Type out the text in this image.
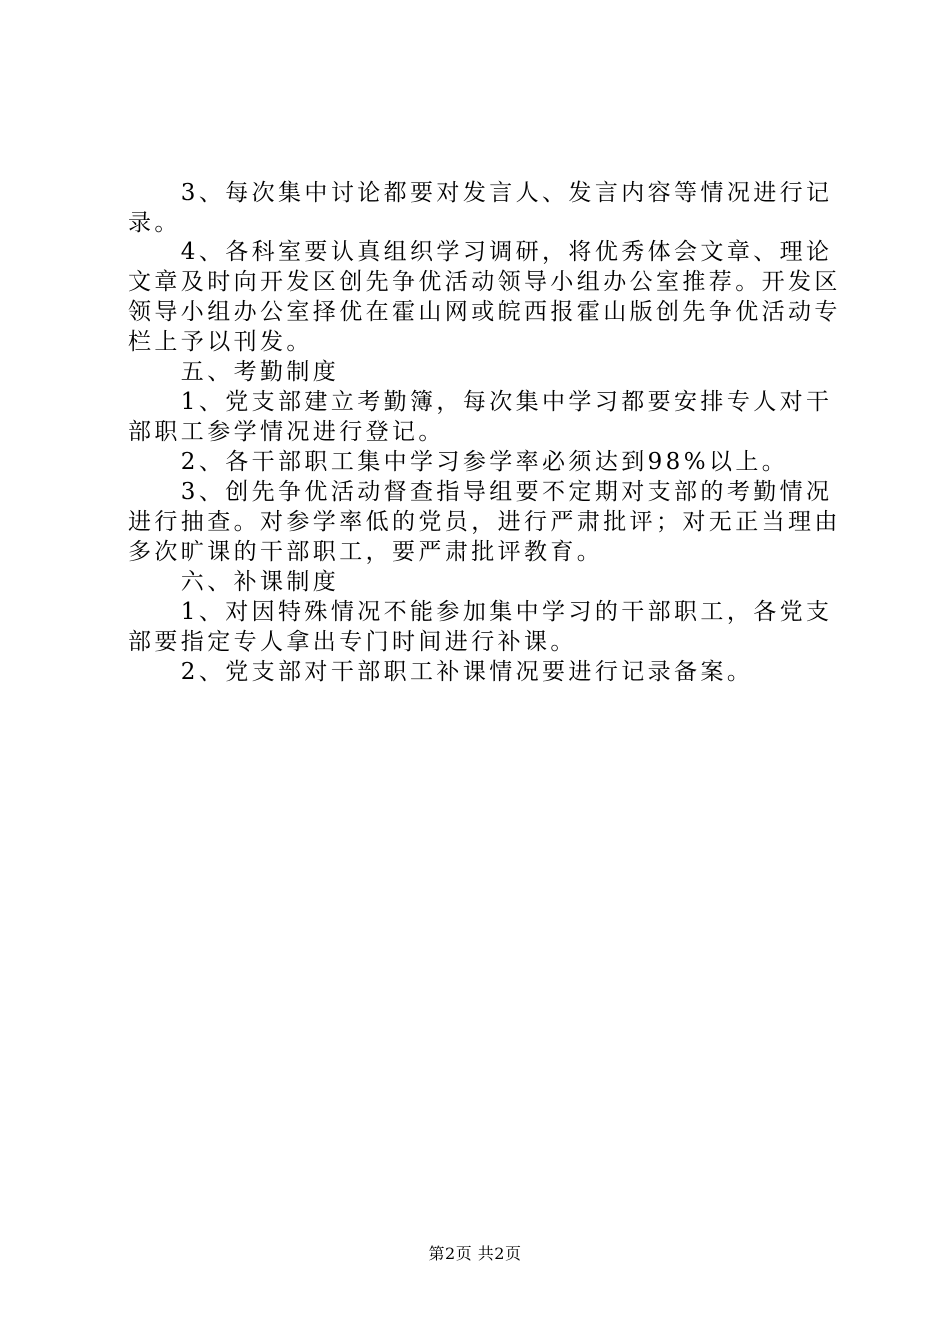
　　3、每次集中讨论都要对发言人、发言内容等情况进行记录。
　　4、各科室要认真组织学习调研，将优秀体会文章、理论文章及时向开发区创先争优活动领导小组办公室推荐。开发区领导小组办公室择优在霍山网或皖西报霍山版创先争优活动专栏上予以刊发。
　　五、考勤制度
　　1、党支部建立考勤簿，每次集中学习都要安排专人对干部职工参学情况进行登记。
　　2、各干部职工集中学习参学率必须达到98%以上。
　　3、创先争优活动督查指导组要不定期对支部的考勤情况进行抽查。对参学率低的党员，进行严肃批评；对无正当理由多次旷课的干部职工，要严肃批评教育。
　　六、补课制度
　　1、对因特殊情况不能参加集中学习的干部职工，各党支部要指定专人拿出专门时间进行补课。
　　2、党支部对干部职工补课情况要进行记录备案。
第2页 共2页
